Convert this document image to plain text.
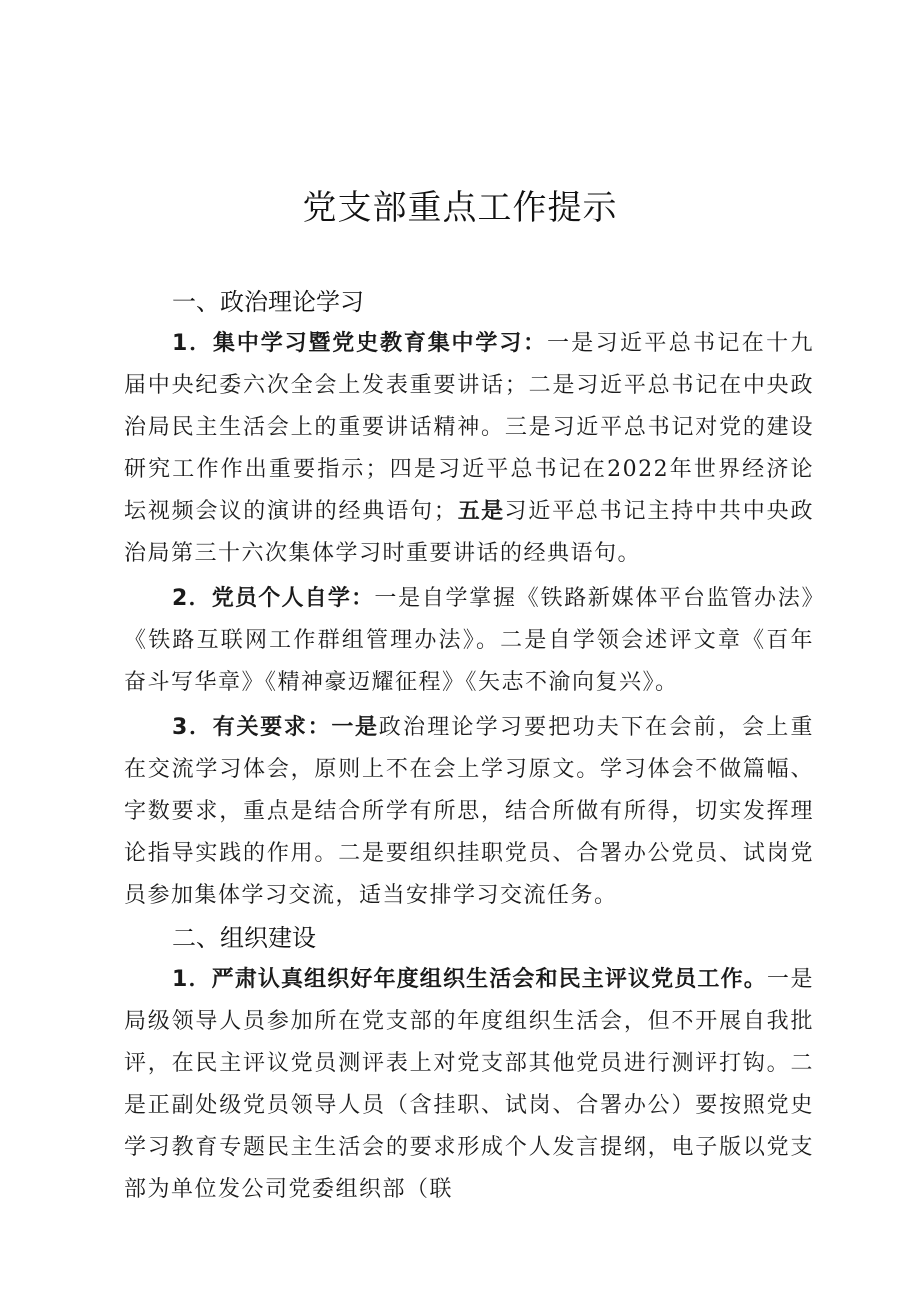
党支部重点工作提示
一、政治理论学习

1．集中学习暨党史教育集中学习：一是习近平总书记在十九届中央纪委六次全会上发表重要讲话；二是习近平总书记在中央政治局民主生活会上的重要讲话精神。三是习近平总书记对党的建设研究工作作出重要指示；四是习近平总书记在2022年世界经济论坛视频会议的演讲的经典语句；五是习近平总书记主持中共中央政治局第三十六次集体学习时重要讲话的经典语句。

2．党员个人自学：一是自学掌握《铁路新媒体平台监管办法》《铁路互联网工作群组管理办法》。二是自学领会述评文章《百年奋斗写华章》《精神豪迈耀征程》《矢志不渝向复兴》。

3．有关要求：一是政治理论学习要把功夫下在会前，会上重在交流学习体会，原则上不在会上学习原文。学习体会不做篇幅、字数要求，重点是结合所学有所思，结合所做有所得，切实发挥理论指导实践的作用。二是要组织挂职党员、合署办公党员、试岗党员参加集体学习交流，适当安排学习交流任务。

二、组织建设

1．严肃认真组织好年度组织生活会和民主评议党员工作。一是局级领导人员参加所在党支部的年度组织生活会，但不开展自我批评，在民主评议党员测评表上对党支部其他党员进行测评打钩。二是正副处级党员领导人员（含挂职、试岗、合署办公）要按照党史学习教育专题民主生活会的要求形成个人发言提纲，电子版以党支部为单位发公司党委组织部（联
